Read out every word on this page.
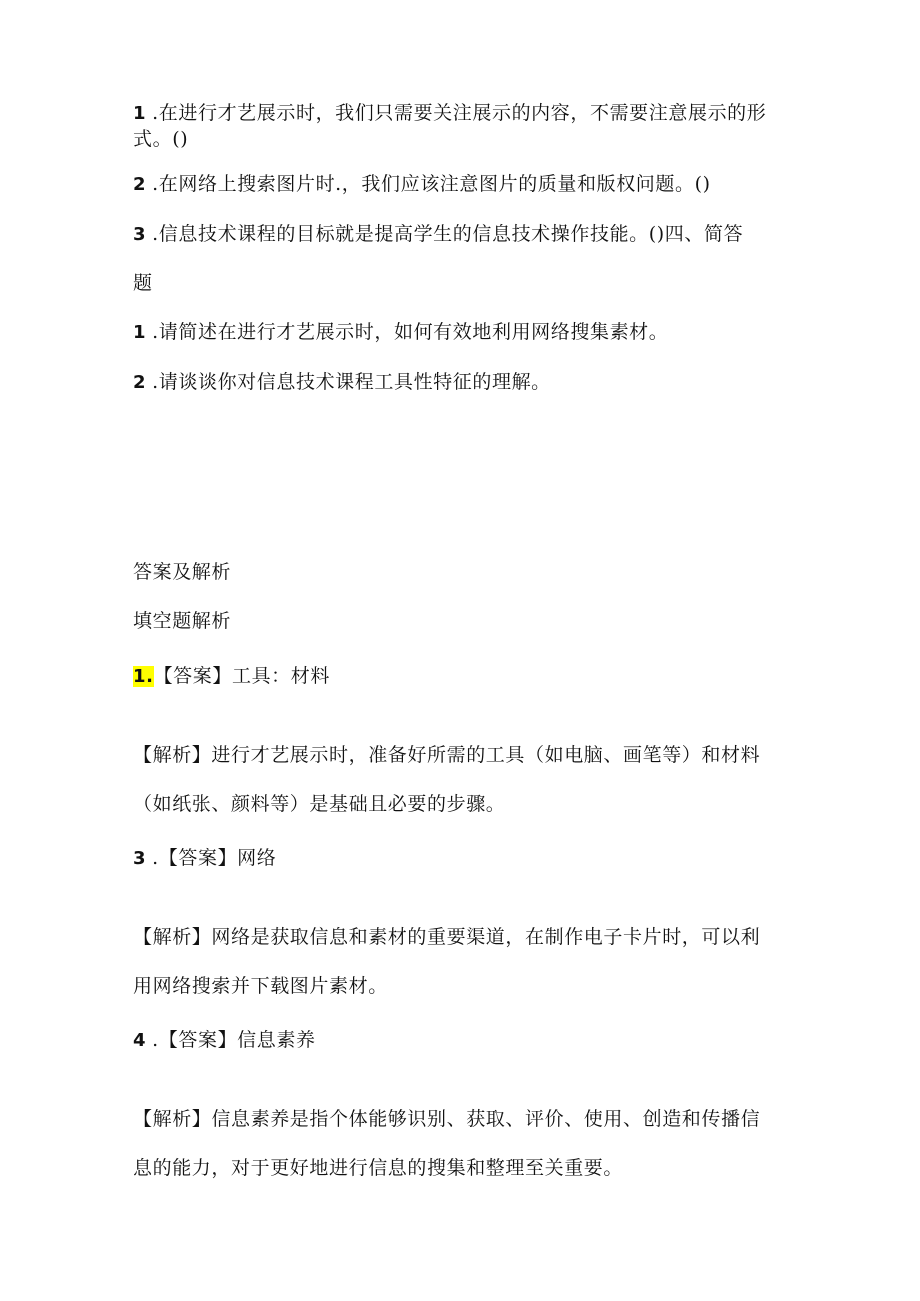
1 .在进行才艺展示时，我们只需要关注展示的内容，不需要注意展示的形
式。()
2 .在网络上搜索图片时.，我们应该注意图片的质量和版权问题。()
3 .信息技术课程的目标就是提高学生的信息技术操作技能。()四、简答
题
1 .请简述在进行才艺展示时，如何有效地利用网络搜集素材。
2 .请谈谈你对信息技术课程工具性特征的理解。
答案及解析
填空题解析
1.【答案】工具：材料
【解析】进行才艺展示时，准备好所需的工具（如电脑、画笔等）和材料
（如纸张、颜料等）是基础且必要的步骤。
3 .【答案】网络
【解析】网络是获取信息和素材的重要渠道，在制作电子卡片时，可以利
用网络搜索并下载图片素材。
4 .【答案】信息素养
【解析】信息素养是指个体能够识别、获取、评价、使用、创造和传播信
息的能力，对于更好地进行信息的搜集和整理至关重要。
